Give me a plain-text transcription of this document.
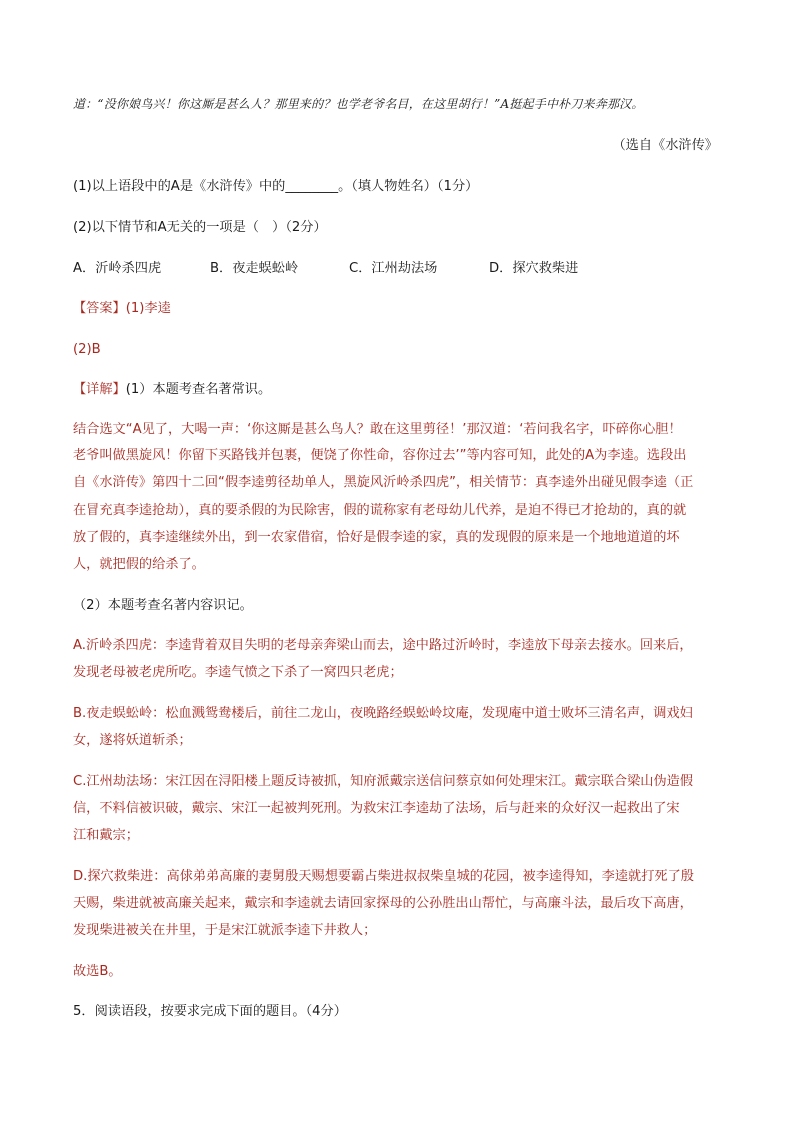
道：“没你娘鸟兴！你这厮是甚么人？那里来的？也学老爷名目，在这里胡行！”A挺起手中朴刀来奔那汉。
（选自《水浒传》
(1)以上语段中的A是《水浒传》中的________。（填人物姓名）（1分）
(2)以下情节和A无关的一项是（　）（2分）
A．沂岭杀四虎	B．夜走蜈蚣岭	C．江州劫法场	D．探穴救柴进
【答案】(1)李逵
(2)B
【详解】(1）本题考查名著常识。
结合选文“A见了，大喝一声：‘你这厮是甚么鸟人？敢在这里剪径！’那汉道：‘若问我名字，吓碎你心胆！
老爷叫做黑旋风！你留下买路钱并包裹，便饶了你性命，容你过去’”等内容可知，此处的A为李逵。选段出
自《水浒传》第四十二回“假李逵剪径劫单人，黑旋风沂岭杀四虎”，相关情节：真李逵外出碰见假李逵（正
在冒充真李逵抢劫），真的要杀假的为民除害，假的谎称家有老母幼儿代养，是迫不得已才抢劫的，真的就
放了假的，真李逵继续外出，到一农家借宿，恰好是假李逵的家，真的发现假的原来是一个地地道道的坏
人，就把假的给杀了。
（2）本题考查名著内容识记。
A.沂岭杀四虎：李逵背着双目失明的老母亲奔梁山而去，途中路过沂岭时，李逵放下母亲去接水。回来后，
发现老母被老虎所吃。李逵气愤之下杀了一窝四只老虎；
B.夜走蜈蚣岭：松血溅鸳鸯楼后，前往二龙山，夜晚路经蜈蚣岭坟庵，发现庵中道士败坏三清名声，调戏妇
女，遂将妖道斩杀；
C.江州劫法场：宋江因在浔阳楼上题反诗被抓，知府派戴宗送信问蔡京如何处理宋江。戴宗联合梁山伪造假
信，不料信被识破，戴宗、宋江一起被判死刑。为救宋江李逵劫了法场，后与赶来的众好汉一起救出了宋
江和戴宗；
D.探穴救柴进：高俅弟弟高廉的妻舅殷天赐想要霸占柴进叔叔柴皇城的花园，被李逵得知，李逵就打死了殷
天赐，柴进就被高廉关起来，戴宗和李逵就去请回家探母的公孙胜出山帮忙，与高廉斗法，最后攻下高唐，
发现柴进被关在井里，于是宋江就派李逵下井救人；
故选B。
5．阅读语段，按要求完成下面的题目。（4分）
